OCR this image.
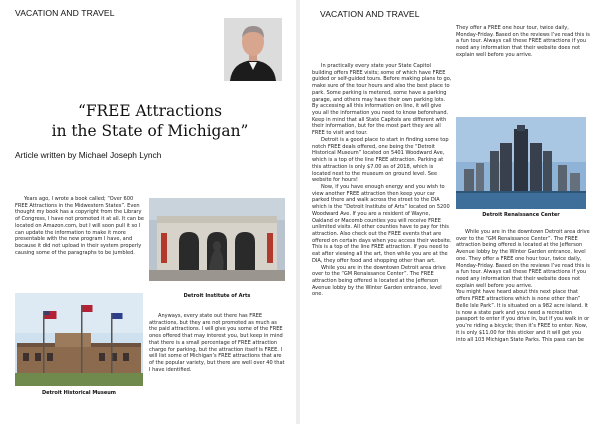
VACATION AND TRAVEL
“FREE Attractions
in the State of Michigan”
Article written by Michael Joseph Lynch

Years ago, I wrote a book called; “Over 600 FREE Attractions in the Midwestern States”. Even thought my book has a copyright from the Library of Congress, I have not promoted it at all. It can be located on Amazon.com, but I will soon pull it so I can update the information to make it more presentable with the new program I have, and because it did not upload in their system properly causing some of the paragraphs to be jumbled.

Detroit Institute of Arts
Detroit Historical Museum

Anyways, every state out there has FREE attractions, but they are not promoted as much as the paid attractions. I will give you some of the FREE ones offered that may interest you, but keep in mind that there is a small percentage of FREE attraction charge for parking, but the attraction itself is FREE. I will list some of Michigan’s FREE attractions that are of the popular variety, but there are well over 40 that I have identified.

VACATION AND TRAVEL

In practically every state your State Capitol building offers FREE visits; some of which have FREE guided or self-guided tours. Before making plans to go, make sure of the tour hours and also the best place to park. Some parking is metered, some have a parking garage, and others may have their own parking lots. By accessing all this information on line, it will give you all the information you need to know beforehand. Keep in mind that all State Capitols are different with their information, but for the most part they are all FREE to visit and tour.

Detroit is a good place to start in finding some top notch FREE deals offered, one being the “Detroit Historical Museum” located on 5401 Woodward Ave, which is a top of the line FREE attraction. Parking at this attraction is only $7.00 as of 2018, which is located next to the museum on ground level. See website for hours!

Now, if you have enough energy and you wish to view another FREE attraction then keep your car parked there and walk across the street to the DIA which is the “Detroit Institute of Arts” located on 5200 Woodward Ave. If you are a resident of Wayne, Oakland or Macomb counties you will receive FREE unlimited visits. All other counties have to pay for this attraction. Also check out the FREE events that are offered on certain days when you access their website. This is a top of the line FREE attraction. If you need to eat after viewing all the art, then while you are at the DIA, they offer food and shopping other than art.

While you are in the downtown Detroit area drive over to the “GM Renaissance Center”. The FREE attraction being offered is located at the Jefferson Avenue lobby by the Winter Garden entrance, level one.

They offer a FREE one hour tour, twice daily, Monday-Friday. Based on the reviews I’ve read this is a fun tour. Always call these FREE attractions if you need any information that their website does not explain well before you arrive.

Detroit Renaissance Center

While you are in the downtown Detroit area drive over to the “GM Renaissance Center”. The FREE attraction being offered is located at the Jefferson Avenue lobby by the Winter Garden entrance, level one. They offer a FREE one hour tour, twice daily, Monday-Friday. Based on the reviews I’ve read this is a fun tour. Always call these FREE attractions if you need any information that their website does not explain well before you arrive.

You might have heard about this next place that offers FREE attractions which is none other than” Belle Isle Park”. It is situated on a 982 acre island. It is now a state park and you need a recreation passport to enter if you drive in, but if you walk in or you’re riding a bicycle; then it’s FREE to enter. Now, it is only $11.00 for this sticker and it will get you into all 103 Michigan State Parks. This pass can be
